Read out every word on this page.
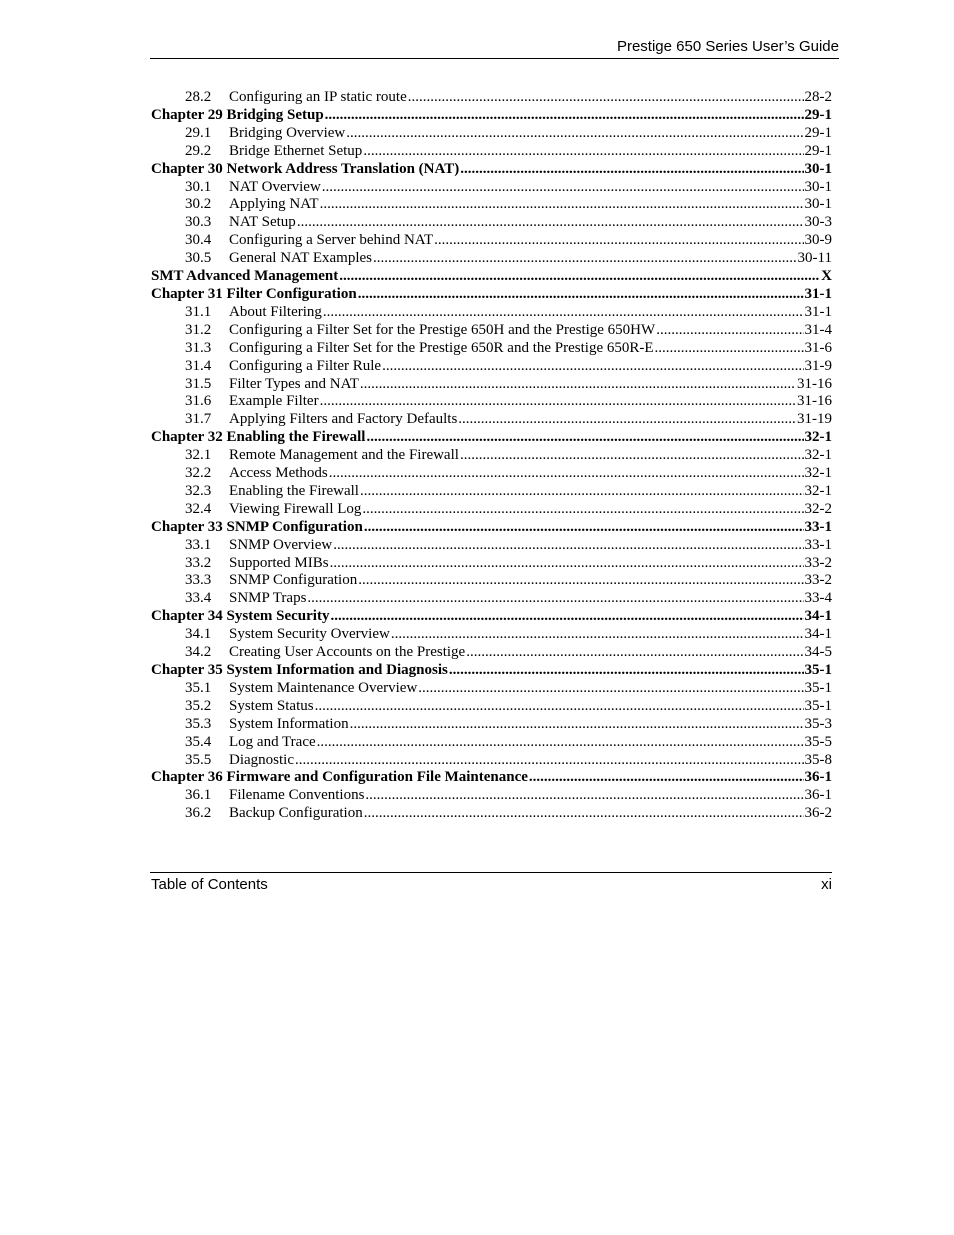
Prestige 650 Series User’s Guide
28.2	Configuring an IP static route .....	28-2
Chapter 29 Bridging Setup .....	29-1
29.1	Bridging Overview .....	29-1
29.2	Bridge Ethernet Setup .....	29-1
Chapter 30 Network Address Translation (NAT) .....	30-1
30.1	NAT Overview .....	30-1
30.2	Applying NAT .....	30-1
30.3	NAT Setup .....	30-3
30.4	Configuring a Server behind NAT .....	30-9
30.5	General NAT Examples .....	30-11
SMT Advanced Management .....	X
Chapter 31 Filter Configuration .....	31-1
31.1	About Filtering .....	31-1
31.2	Configuring a Filter Set for the Prestige 650H and the Prestige 650HW .....	31-4
31.3	Configuring a Filter Set for the Prestige 650R and the Prestige 650R-E .....	31-6
31.4	Configuring a Filter Rule .....	31-9
31.5	Filter Types and NAT .....	31-16
31.6	Example Filter .....	31-16
31.7	Applying Filters and Factory Defaults .....	31-19
Chapter 32 Enabling the Firewall .....	32-1
32.1	Remote Management and the Firewall .....	32-1
32.2	Access Methods .....	32-1
32.3	Enabling the Firewall .....	32-1
32.4	Viewing Firewall Log .....	32-2
Chapter 33 SNMP Configuration .....	33-1
33.1	SNMP Overview .....	33-1
33.2	Supported MIBs .....	33-2
33.3	SNMP Configuration .....	33-2
33.4	SNMP Traps .....	33-4
Chapter 34 System Security .....	34-1
34.1	System Security Overview .....	34-1
34.2	Creating User Accounts on the Prestige .....	34-5
Chapter 35 System Information and Diagnosis .....	35-1
35.1	System Maintenance Overview .....	35-1
35.2	System Status .....	35-1
35.3	System Information .....	35-3
35.4	Log and Trace .....	35-5
35.5	Diagnostic .....	35-8
Chapter 36 Firmware and Configuration File Maintenance .....	36-1
36.1	Filename Conventions .....	36-1
36.2	Backup Configuration .....	36-2
Table of Contents	xi
